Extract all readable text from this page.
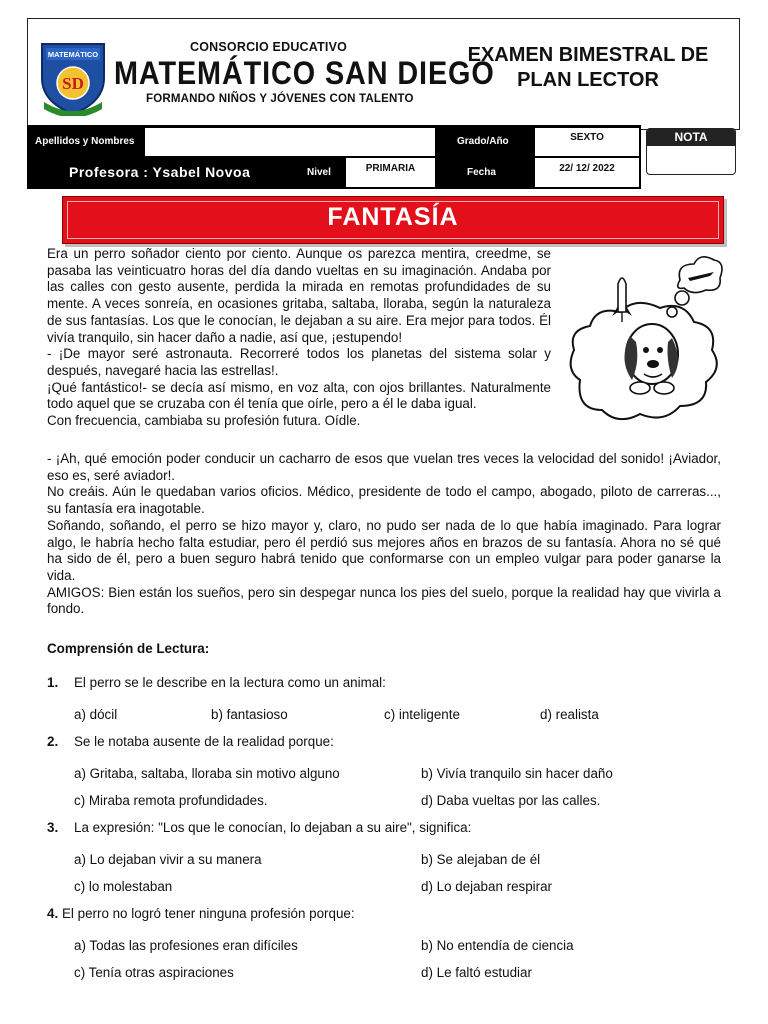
MATEMÁTICO
SD
CONSORCIO EDUCATIVO
MATEMÁTICO SAN DIEGO
FORMANDO NIÑOS Y JÓVENES CON TALENTO
EXAMEN BIMESTRAL DE
PLAN LECTOR
Apellidos y Nombres	Grado/Año	SEXTO
Profesora : Ysabel Novoa	Nivel	PRIMARIA	Fecha	22/ 12/ 2022
NOTA
FANTASÍA

Era un perro soñador ciento por ciento. Aunque os parezca mentira, creedme, se pasaba las veinticuatro horas del día dando vueltas en su imaginación. Andaba por las calles con gesto ausente, perdida la mirada en remotas profundidades de su mente. A veces sonreía, en ocasiones gritaba, saltaba, lloraba, según la naturaleza de sus fantasías. Los que le conocían, le dejaban a su aire. Era mejor para todos. Él vivía tranquilo, sin hacer daño a nadie, así que, ¡estupendo!

- ¡De mayor seré astronauta. Recorreré todos los planetas del sistema solar y después, navegaré hacia las estrellas!.

¡Qué fantástico!- se decía así mismo, en voz alta, con ojos brillantes. Naturalmente todo aquel que se cruzaba con él tenía que oírle, pero a él le daba igual.

Con frecuencia, cambiaba su profesión futura. Oídle.

- ¡Ah, qué emoción poder conducir un cacharro de esos que vuelan tres veces la velocidad del sonido! ¡Aviador, eso es, seré aviador!.

No creáis. Aún le quedaban varios oficios. Médico, presidente de todo el campo, abogado, piloto de carreras..., su fantasía era inagotable.

Soñando, soñando, el perro se hizo mayor y, claro, no pudo ser nada de lo que había imaginado. Para lograr algo, le habría hecho falta estudiar, pero él perdió sus mejores años en brazos de su fantasía. Ahora no sé qué ha sido de él, pero a buen seguro habrá tenido que conformarse con un empleo vulgar para poder ganarse la vida.

AMIGOS: Bien están los sueños, pero sin despegar nunca los pies del suelo, porque la realidad hay que vivirla a fondo.

Comprensión de Lectura:
1. El perro se le describe en la lectura como un animal:
a) dócil	b) fantasioso	c) inteligente	d) realista
2. Se le notaba ausente de la realidad porque:
a) Gritaba, saltaba, lloraba sin motivo alguno	b) Vivía tranquilo sin hacer daño
c) Miraba remota profundidades.	d) Daba vueltas por las calles.
3. La expresión: "Los que le conocían, lo dejaban a su aire", significa:
a) Lo dejaban vivir a su manera	b) Se alejaban de él
c) lo molestaban	d) Lo dejaban respirar
4. El perro no logró tener ninguna profesión porque:
a) Todas las profesiones eran difíciles	b) No entendía de ciencia
c) Tenía otras aspiraciones	d) Le faltó estudiar
